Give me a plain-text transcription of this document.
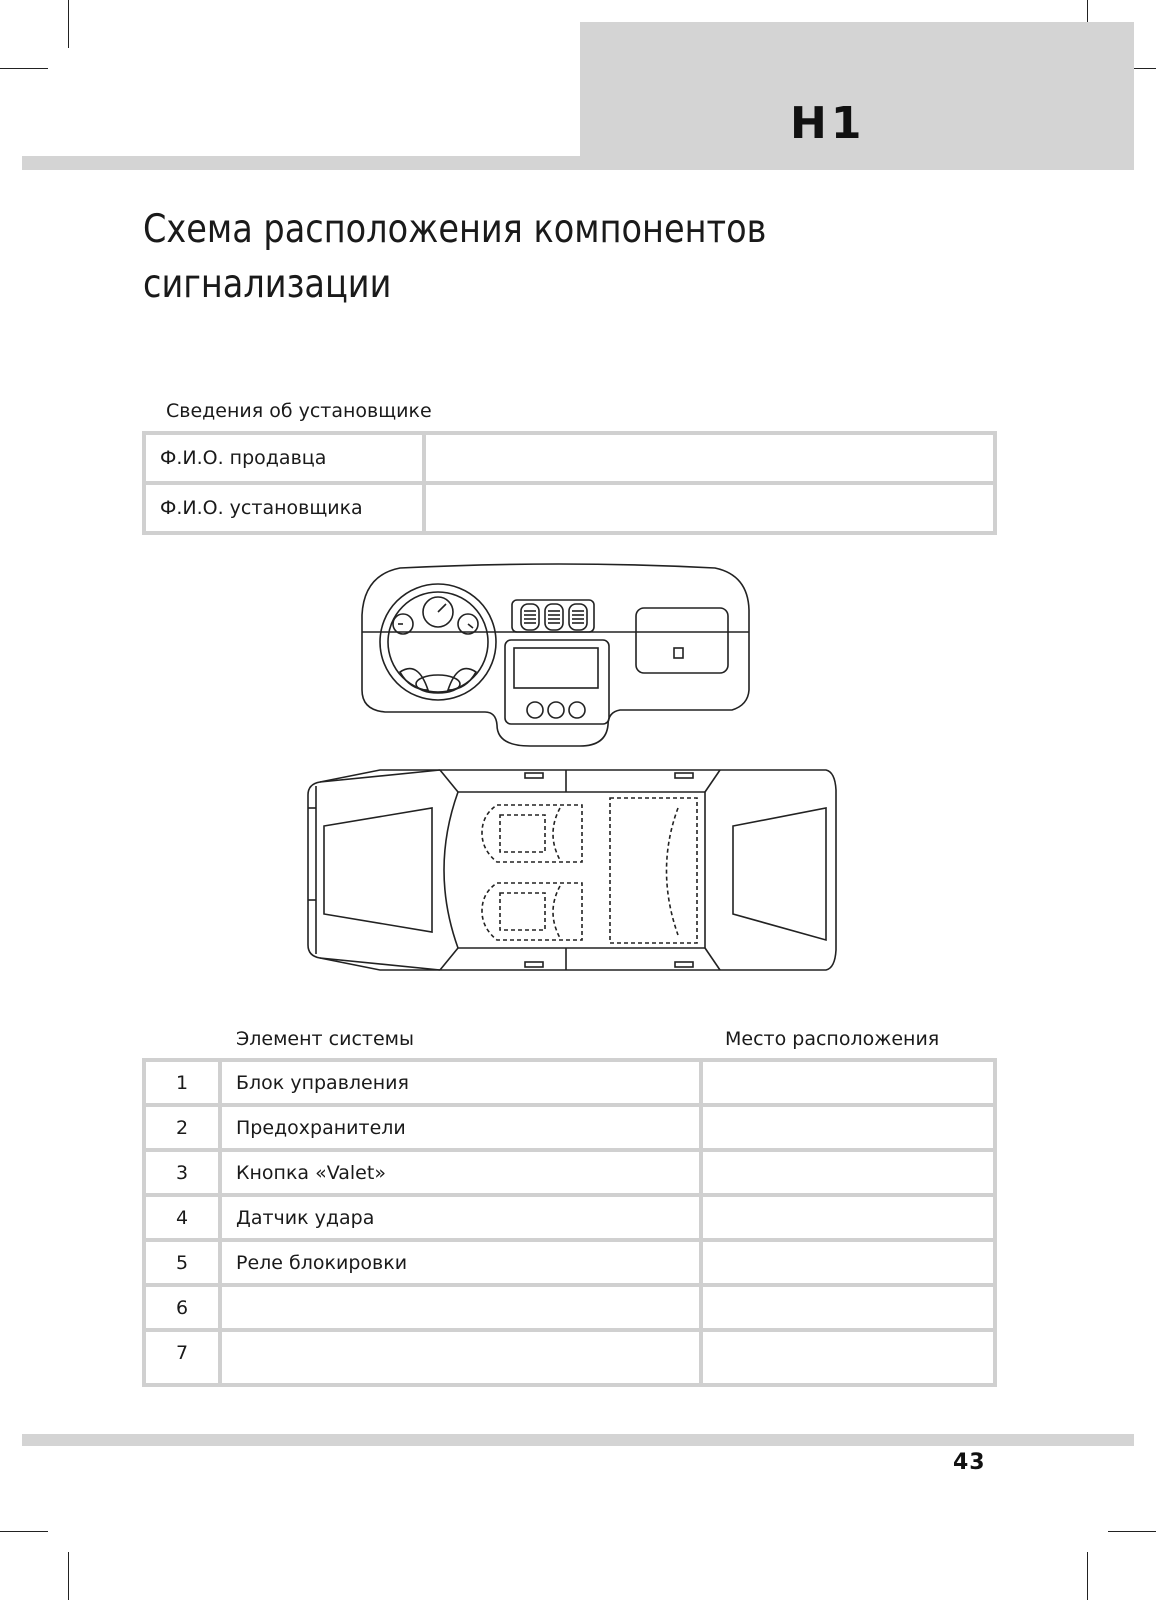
H1
Схема расположения компонентов сигнализации
Сведения об установщике
Ф.И.О. продавца	
Ф.И.О. установщика	
Элемент системы	Место расположения
1	Блок управления	
2	Предохранители	
3	Кнопка «Valet»	
4	Датчик удара	
5	Реле блокировки	
6		
7		
43
